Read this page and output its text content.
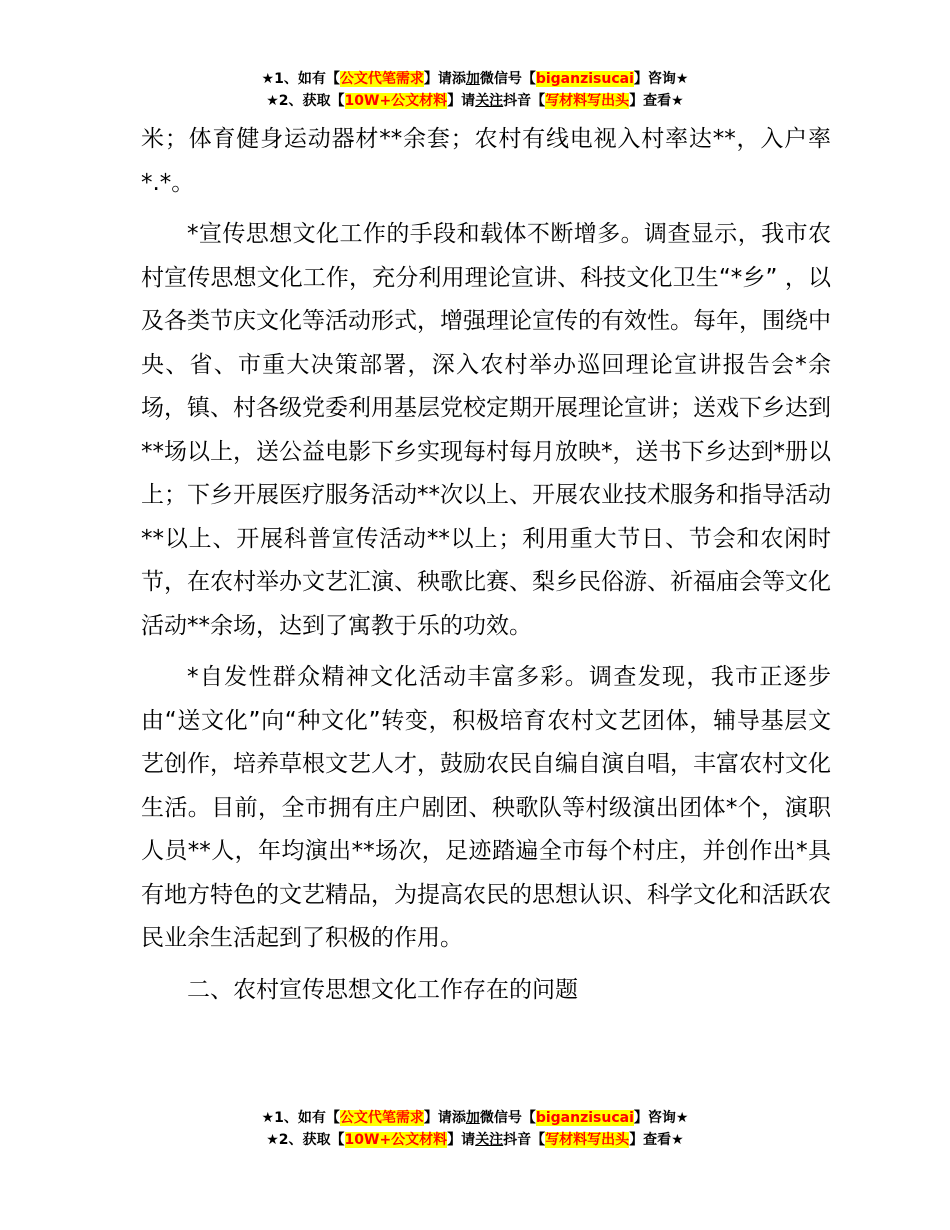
★1、如有【公文代笔需求】请添加微信号【biganzisucai】咨询★
★2、获取【10W+公文材料】请关注抖音【写材料写出头】查看★

米；体育健身运动器材**余套；农村有线电视入村率达**，入户率*.*。

*宣传思想文化工作的手段和载体不断增多。调查显示，我市农村宣传思想文化工作，充分利用理论宣讲、科技文化卫生“*乡” ，以及各类节庆文化等活动形式，增强理论宣传的有效性。每年，围绕中央、省、市重大决策部署，深入农村举办巡回理论宣讲报告会*余场，镇、村各级党委利用基层党校定期开展理论宣讲；送戏下乡达到**场以上，送公益电影下乡实现每村每月放映*，送书下乡达到*册以上；下乡开展医疗服务活动**次以上、开展农业技术服务和指导活动**以上、开展科普宣传活动**以上；利用重大节日、节会和农闲时节，在农村举办文艺汇演、秧歌比赛、梨乡民俗游、祈福庙会等文化活动**余场，达到了寓教于乐的功效。

*自发性群众精神文化活动丰富多彩。调查发现，我市正逐步由“送文化”向“种文化”转变，积极培育农村文艺团体，辅导基层文艺创作，培养草根文艺人才，鼓励农民自编自演自唱，丰富农村文化生活。目前，全市拥有庄户剧团、秧歌队等村级演出团体*个，演职人员**人，年均演出**场次，足迹踏遍全市每个村庄，并创作出*具有地方特色的文艺精品，为提高农民的思想认识、科学文化和活跃农民业余生活起到了积极的作用。

二、农村宣传思想文化工作存在的问题

★1、如有【公文代笔需求】请添加微信号【biganzisucai】咨询★
★2、获取【10W+公文材料】请关注抖音【写材料写出头】查看★
